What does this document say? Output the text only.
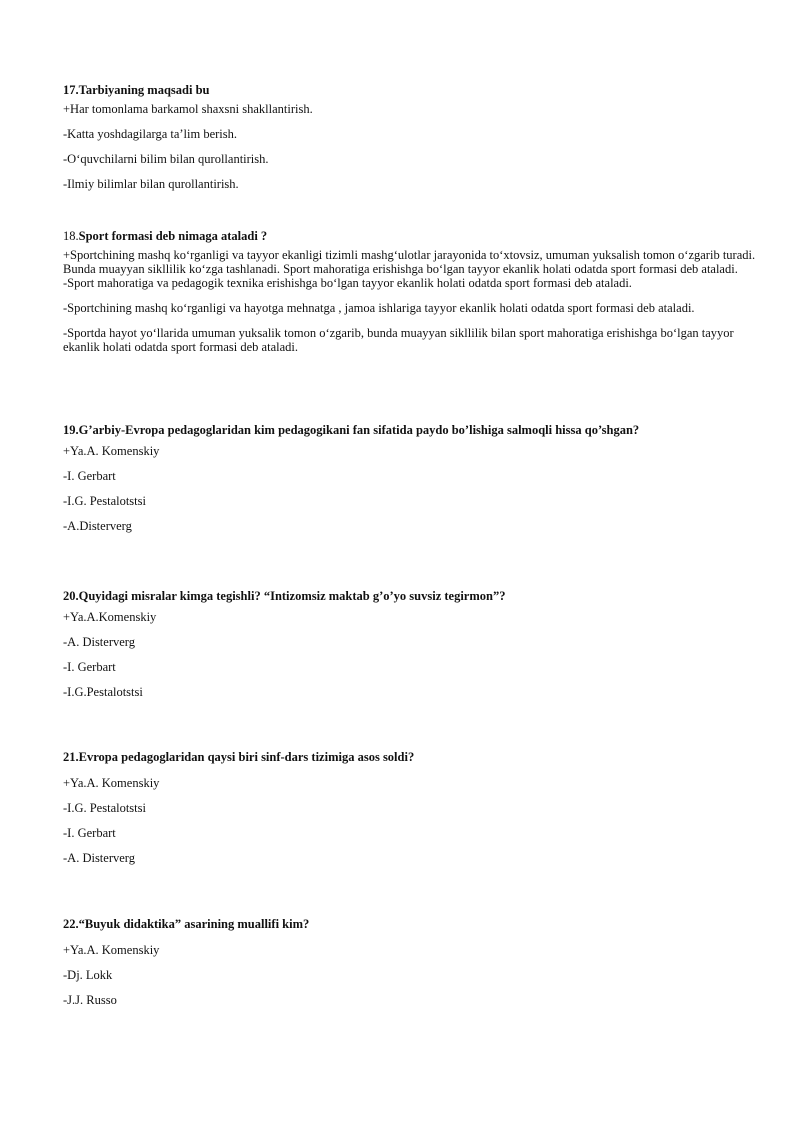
17.Tarbiyaning maqsadi bu

+Har tomonlama barkamol shaxsni shakllantirish.

-Katta yoshdagilarga ta’lim berish.

-O‘quvchilarni bilim bilan qurollantirish.

-Ilmiy bilimlar bilan qurollantirish.

18.Sport formasi deb nimaga ataladi ?

+Sportchining mashq ko‘rganligi va tayyor ekanligi tizimli mashg‘ulotlar jarayonida to‘xtovsiz, umuman yuksalish tomon o‘zgarib turadi. Bunda muayyan sikllilik ko‘zga tashlanadi. Sport mahoratiga erishishga bo‘lgan tayyor ekanlik holati odatda sport formasi deb ataladi.

-Sport mahoratiga va pedagogik texnika erishishga bo‘lgan tayyor ekanlik holati odatda sport formasi deb ataladi.

-Sportchining mashq ko‘rganligi va hayotga mehnatga , jamoa ishlariga tayyor ekanlik holati odatda sport formasi deb ataladi.

-Sportda hayot yo‘llarida umuman yuksalik tomon o‘zgarib, bunda muayyan sikllilik bilan sport mahoratiga erishishga bo‘lgan tayyor ekanlik holati odatda sport formasi deb ataladi.

19.G’arbiy-Evropa pedagoglaridan kim pedagogikani fan sifatida paydo bo’lishiga salmoqli hissa qo’shgan?

+Ya.A. Komenskiy

-I. Gerbart

-I.G. Pestalotstsi

-A.Disterverg

20.Quyidagi misralar kimga tegishli? “Intizomsiz maktab g’o’yo suvsiz tegirmon”?

+Ya.A.Komenskiy

-A. Disterverg

-I. Gerbart

-I.G.Pestalotstsi

21.Evropa pedagoglaridan qaysi biri sinf-dars tizimiga asos soldi?

+Ya.A. Komenskiy

-I.G. Pestalotstsi

-I. Gerbart

-A. Disterverg

22.“Buyuk didaktika” asarining muallifi kim?

+Ya.A. Komenskiy

-Dj. Lokk

-J.J. Russo
